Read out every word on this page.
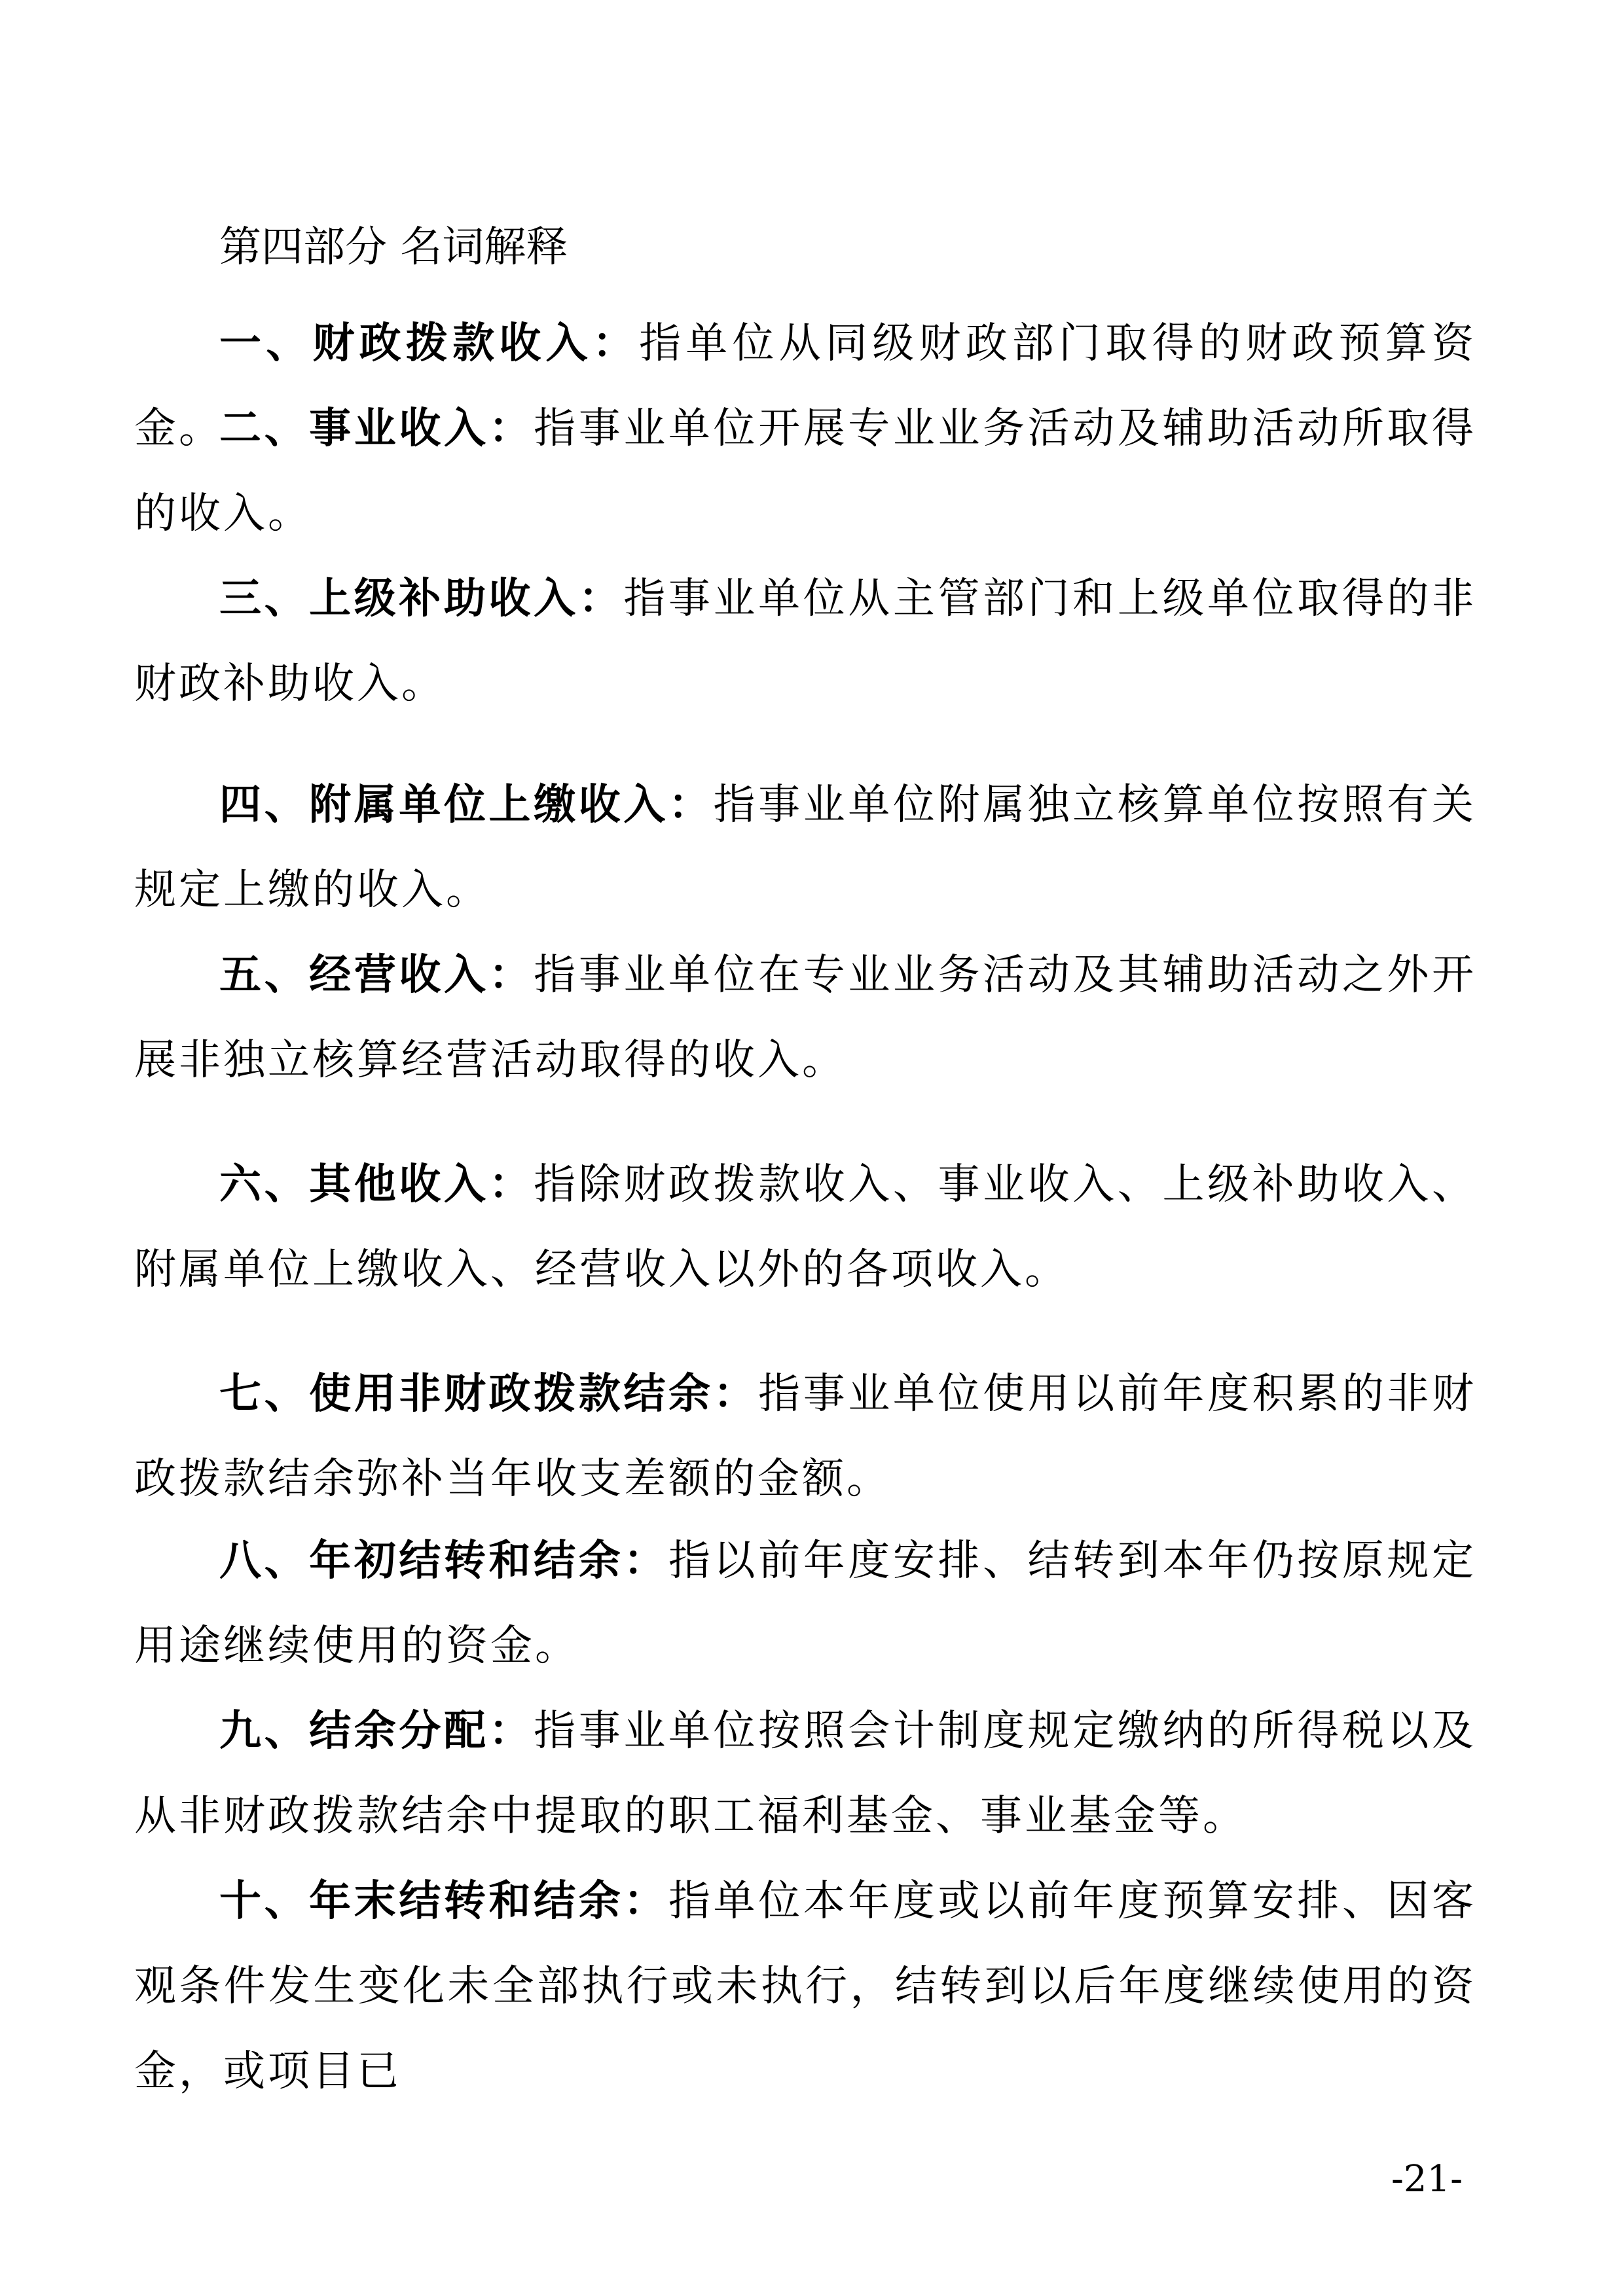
第四部分 名词解释

一、财政拨款收入：指单位从同级财政部门取得的财政预算资金。

二、事业收入：指事业单位开展专业业务活动及辅助活动所取得的收入。

三、上级补助收入：指事业单位从主管部门和上级单位取得的非财政补助收入。

四、附属单位上缴收入：指事业单位附属独立核算单位按照有关规定上缴的收入。

五、经营收入：指事业单位在专业业务活动及其辅助活动之外开展非独立核算经营活动取得的收入。

六、其他收入：指除财政拨款收入、事业收入、上级补助收入、附属单位上缴收入、经营收入以外的各项收入。

七、使用非财政拨款结余：指事业单位使用以前年度积累的非财政拨款结余弥补当年收支差额的金额。

八、年初结转和结余：指以前年度安排、结转到本年仍按原规定用途继续使用的资金。

九、结余分配：指事业单位按照会计制度规定缴纳的所得税以及从非财政拨款结余中提取的职工福利基金、事业基金等。

十、年末结转和结余：指单位本年度或以前年度预算安排、因客观条件发生变化未全部执行或未执行，结转到以后年度继续使用的资金，或项目已

-21-
